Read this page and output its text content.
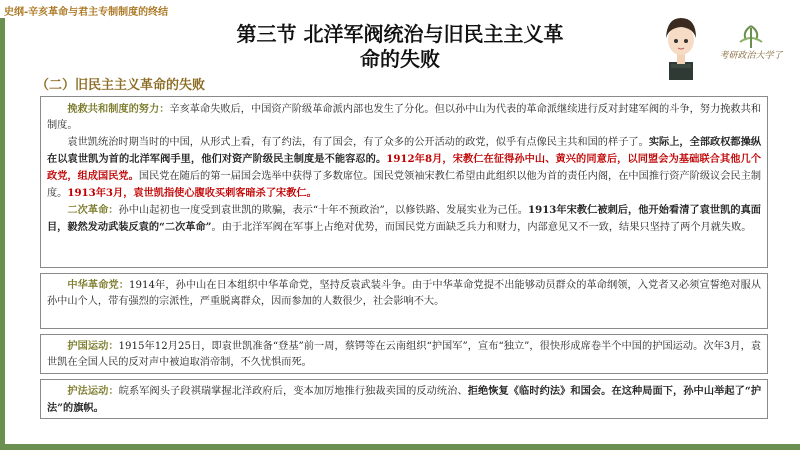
史纲-辛亥革命与君主专制制度的终结
第三节 北洋军阀统治与旧民主主义革
命的失败	考研政治大学了
（二）旧民主主义革命的失败

挽救共和制度的努力：辛亥革命失败后，中国资产阶级革命派内部也发生了分化。但以孙中山为代表的革命派继续进行反对封建军阀的斗争，努力挽救共和制度。

袁世凯统治时期当时的中国，从形式上看，有了约法，有了国会，有了众多的公开活动的政党，似乎有点像民主共和国的样子了。实际上，全部政权都操纵在以袁世凯为首的北洋军阀手里，他们对资产阶级民主制度是不能容忍的。1912年8月，宋教仁在征得孙中山、黄兴的同意后，以同盟会为基础联合其他几个政党，组成国民党。国民党在随后的第一届国会选举中获得了多数席位。国民党领袖宋教仁希望由此组织以他为首的责任内阁，在中国推行资产阶级议会民主制度。1913年3月，袁世凯指使心腹收买刺客暗杀了宋教仁。

二次革命：孙中山起初也一度受到袁世凯的欺骗，表示“十年不预政治”，以修铁路、发展实业为己任。1913年宋教仁被刺后，他开始看清了袁世凯的真面目，毅然发动武装反袁的“二次革命”。由于北洋军阀在军事上占绝对优势，而国民党方面缺乏兵力和财力，内部意见又不一致，结果只坚持了两个月就失败。

中华革命党：1914年，孙中山在日本组织中华革命党，坚持反袁武装斗争。由于中华革命党提不出能够动员群众的革命纲领，入党者又必须宣誓绝对服从孙中山个人，带有强烈的宗派性，严重脱离群众，因而参加的人数很少，社会影响不大。

护国运动：1915年12月25日，即袁世凯准备“登基”前一周，蔡锷等在云南组织“护国军”，宣布“独立”，很快形成席卷半个中国的护国运动。次年3月，袁世凯在全国人民的反对声中被迫取消帝制，不久忧惧而死。

护法运动：皖系军阀头子段祺瑞掌握北洋政府后，变本加厉地推行独裁卖国的反动统治、拒绝恢复《临时约法》和国会。在这种局面下，孙中山举起了“护法”的旗帜。
